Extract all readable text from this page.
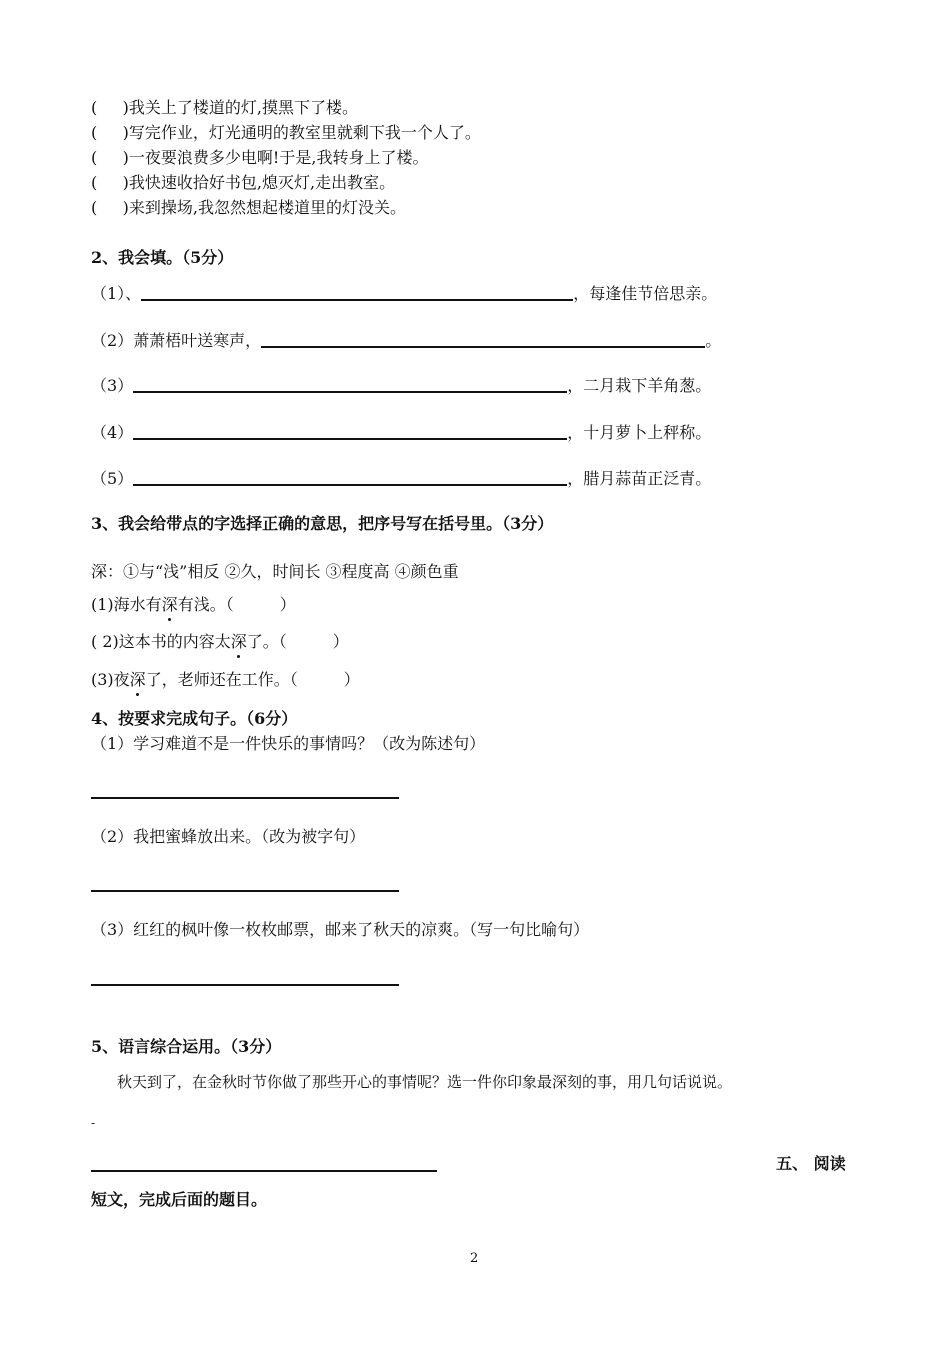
(     )我关上了楼道的灯,摸黑下了楼。
(     )写完作业，灯光通明的教室里就剩下我一个人了。
(     )一夜要浪费多少电啊!于是,我转身上了楼。
(     )我快速收拾好书包,熄灭灯,走出教室。
(     )来到操场,我忽然想起楼道里的灯没关。
2、我会填。（5分）
（1）、	，每逢佳节倍思亲。
（2）萧萧梧叶送寒声，	。
（3）	，二月栽下羊角葱。
（4）	，十月萝卜上秤称。
（5）	，腊月蒜苗正泛青。
3、我会给带点的字选择正确的意思，把序号写在括号里。（3分）
深：①与“浅”相反 ②久，时间长 ③程度高 ④颜色重
(1)海水有深有浅。（	）
( 2)这本书的内容太深了。（	）
(3)夜深了，老师还在工作。（	）
4、按要求完成句子。（6分）
（1）学习难道不是一件快乐的事情吗？（改为陈述句）
（2）我把蜜蜂放出来。（改为被字句）
（3）红红的枫叶像一枚枚邮票，邮来了秋天的凉爽。（写一句比喻句）
5、语言综合运用。（3分）
秋天到了，在金秋时节你做了那些开心的事情呢？选一件你印象最深刻的事，用几句话说说。
-
五、 阅读
短文，完成后面的题目。
2
